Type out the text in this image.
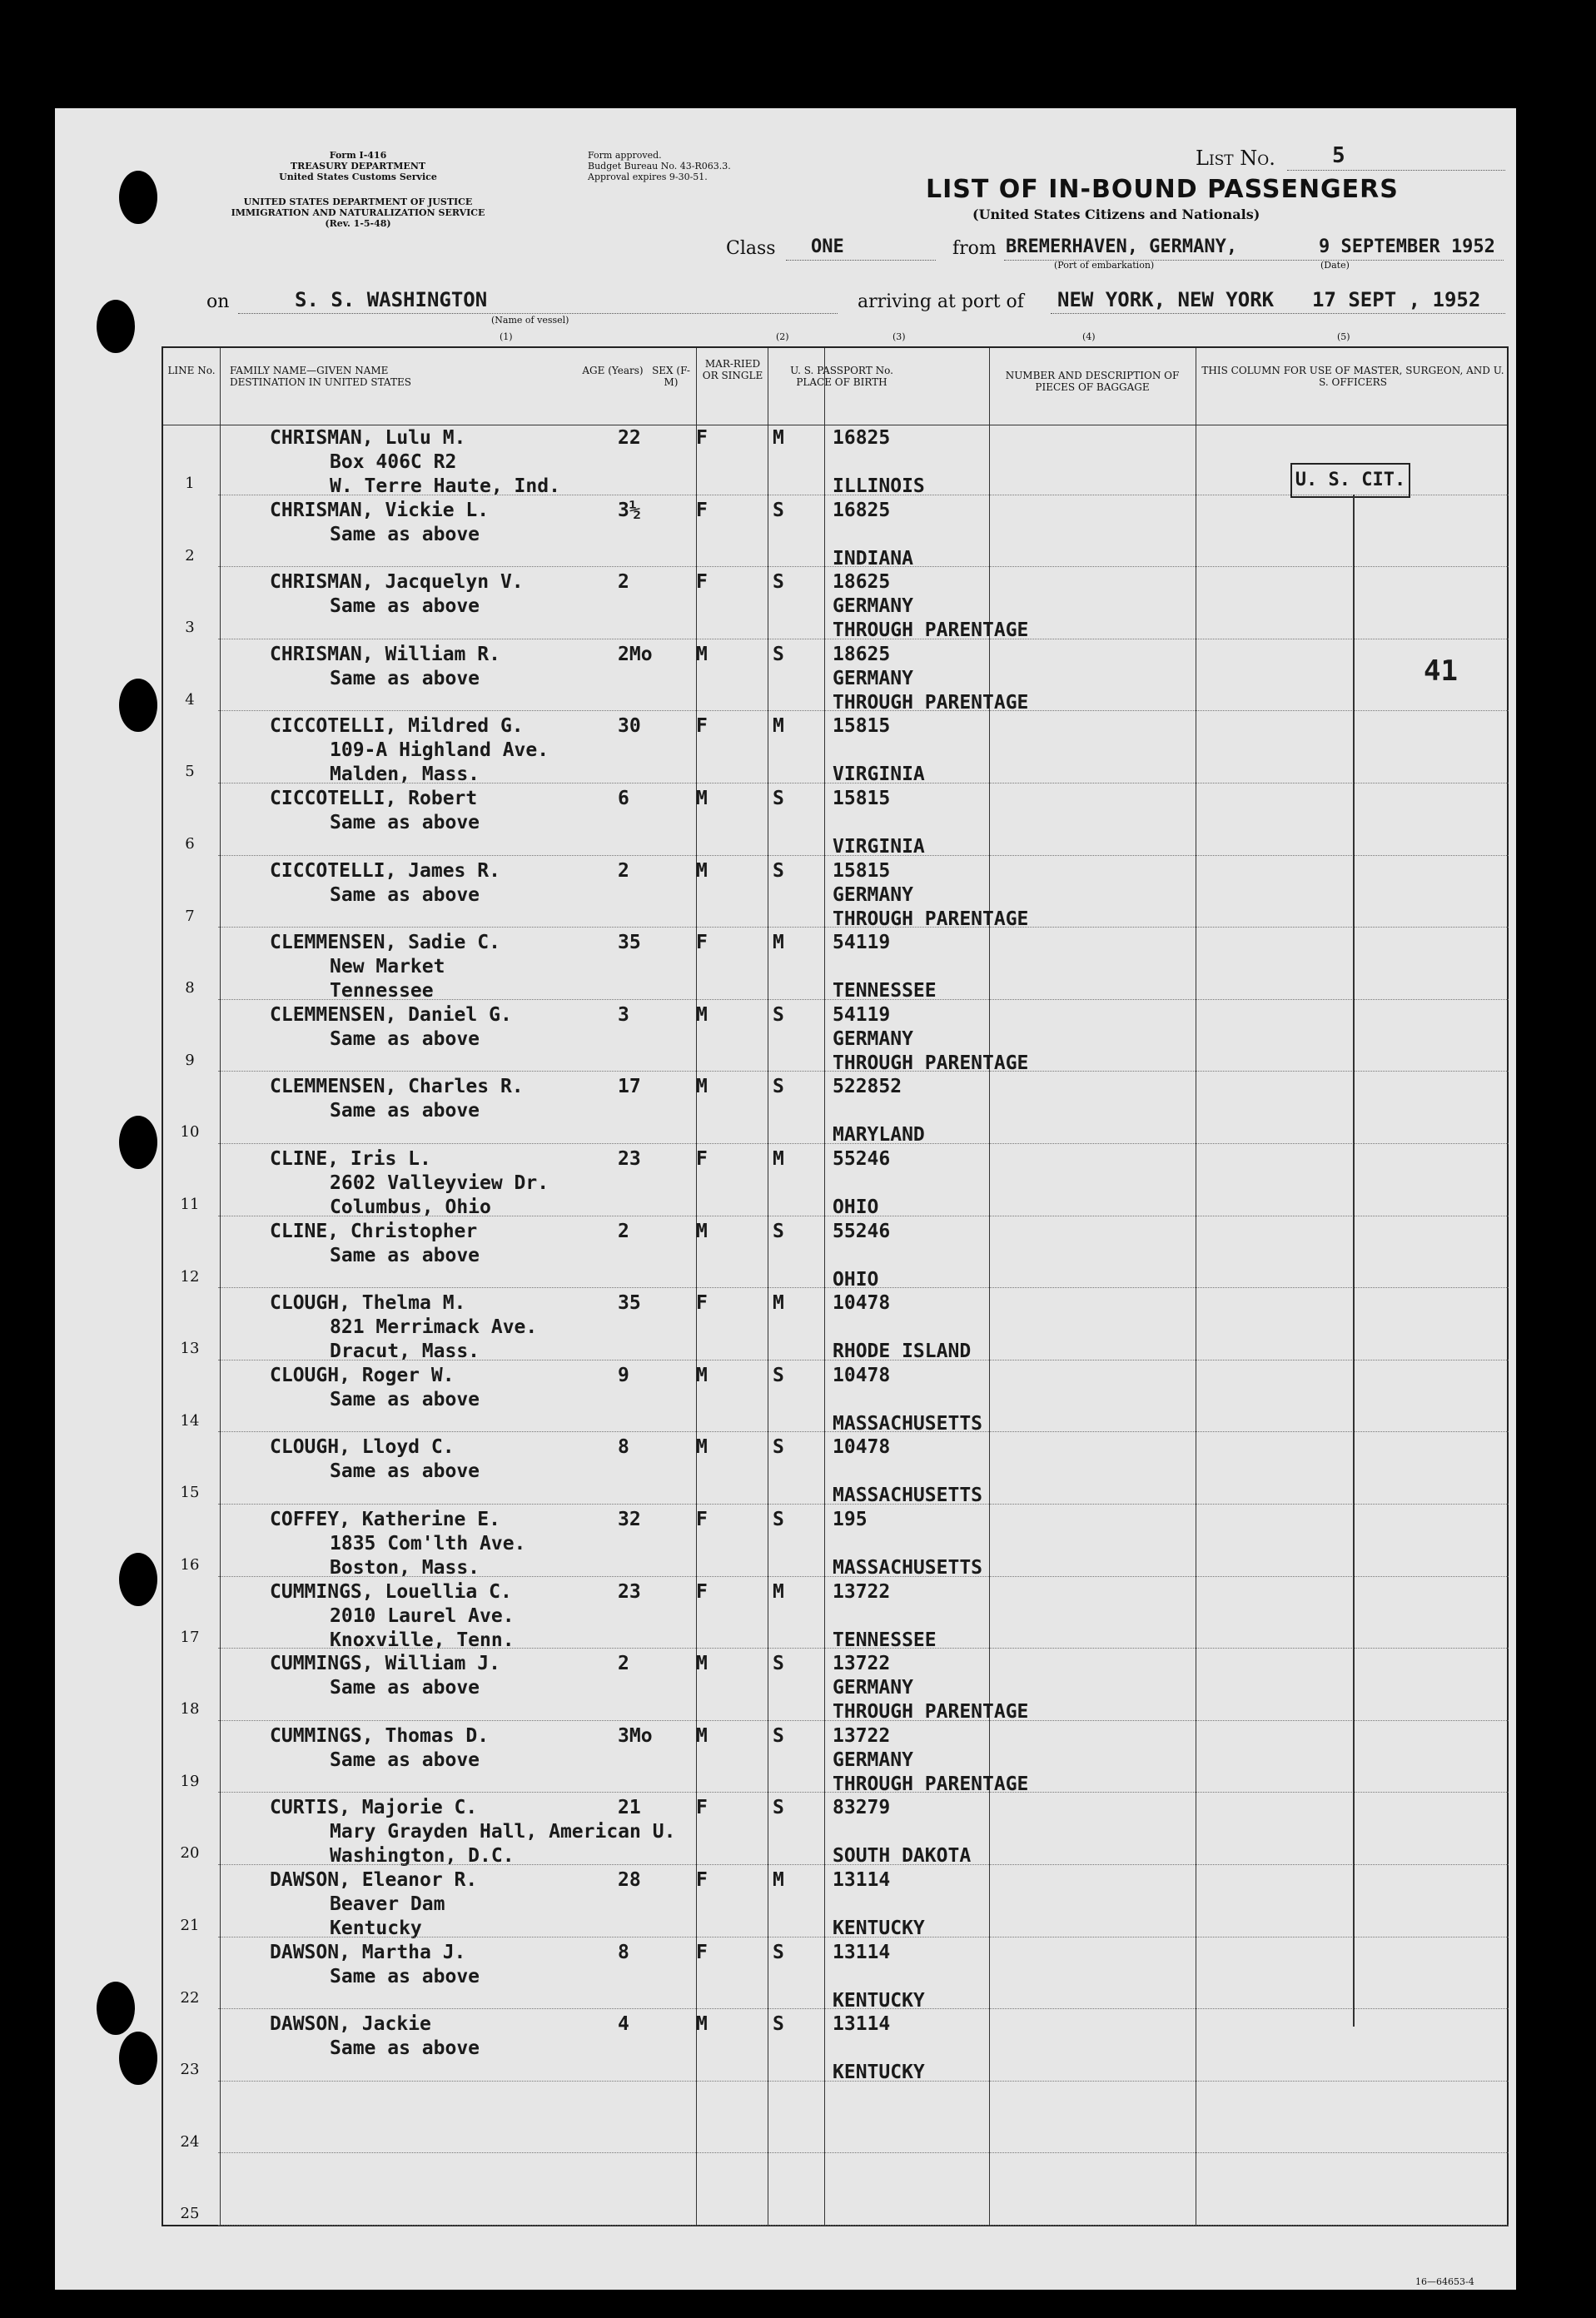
Form I-416
TREASURY DEPARTMENT
United States Customs Service
UNITED STATES DEPARTMENT OF JUSTICE
IMMIGRATION AND NATURALIZATION SERVICE
(Rev. 1-5-48)
Form approved.
Budget Bureau No. 43-R063.3.
Approval expires 9-30-51.
List No.	5
LIST OF IN-BOUND PASSENGERS
(United States Citizens and Nationals)
Class ONE	from BREMERHAVEN, GERMANY,	9 SEPTEMBER 1952
(Port of embarkation)	(Date)
on	S. S. WASHINGTON
(Name of vessel)
arriving at port of NEW YORK, NEW YORK 17 SEPT , 1952
(1)	(2)	(3)	(4)	(5)
LINE No. FAMILY NAME—GIVEN NAME DESTINATION IN UNITED STATES
AGE (Years) SEX (F-M)
MAR-RIED OR SINGLE	U. S. PASSPORT No. PLACE OF BIRTH
NUMBER AND DESCRIPTION OF PIECES OF BAGGAGE
THIS COLUMN FOR USE OF MASTER, SURGEON, AND U. S. OFFICERS
1
CHRISMAN, Lulu M.
Box 406C R2
W. Terre Haute, Ind.
22	F	M	16825
ILLINOIS
2
CHRISMAN, Vickie L.
Same as above
3½	F	S	16825
INDIANA
3
CHRISMAN, Jacquelyn V.
Same as above
2	F	S	18625
GERMANY
THROUGH PARENTAGE
4
CHRISMAN, William R.
Same as above
2Mo M	S	18625
GERMANY
THROUGH PARENTAGE
5
CICCOTELLI, Mildred G.
109-A Highland Ave.
Malden, Mass.
30	F	M	15815
VIRGINIA
6
CICCOTELLI, Robert
Same as above
6	M	S	15815
VIRGINIA
7
CICCOTELLI, James R.
Same as above
2	M	S	15815
GERMANY
THROUGH PARENTAGE
8
CLEMMENSEN, Sadie C.
New Market
Tennessee
35	F	M	54119
TENNESSEE
9
CLEMMENSEN, Daniel G.
Same as above
3	M	S	54119
GERMANY
THROUGH PARENTAGE
10
CLEMMENSEN, Charles R.
Same as above
17	M	S	522852
MARYLAND
11
CLINE, Iris L.
2602 Valleyview Dr.
Columbus, Ohio
23	F	M	55246
OHIO
12
CLINE, Christopher
Same as above
2	M	S	55246
OHIO
13
CLOUGH, Thelma M.
821 Merrimack Ave.
Dracut, Mass.
35	F	M	10478
RHODE ISLAND
14
CLOUGH, Roger W.
Same as above
9	M	S	10478
MASSACHUSETTS
15
CLOUGH, Lloyd C.
Same as above
8	M	S	10478
MASSACHUSETTS
16
COFFEY, Katherine E.
1835 Com'lth Ave.
Boston, Mass.
32	F	S	195
MASSACHUSETTS
17
CUMMINGS, Louellia C.
2010 Laurel Ave.
Knoxville, Tenn.
23	F	M	13722
TENNESSEE
18
CUMMINGS, William J.
Same as above
2	M	S	13722
GERMANY
THROUGH PARENTAGE
19
CUMMINGS, Thomas D.
Same as above
3Mo M	S	13722
GERMANY
THROUGH PARENTAGE
20
CURTIS, Majorie C.
Mary Grayden Hall, American U.
Washington, D.C.
21	F	S	83279
SOUTH DAKOTA
21
DAWSON, Eleanor R.
Beaver Dam
Kentucky
28	F	M	13114
KENTUCKY
22
DAWSON, Martha J.
Same as above
8	F	S	13114
KENTUCKY
23
DAWSON, Jackie
Same as above
4	M	S	13114
KENTUCKY
24
25
U. S. CIT.
41
16—64653-4
